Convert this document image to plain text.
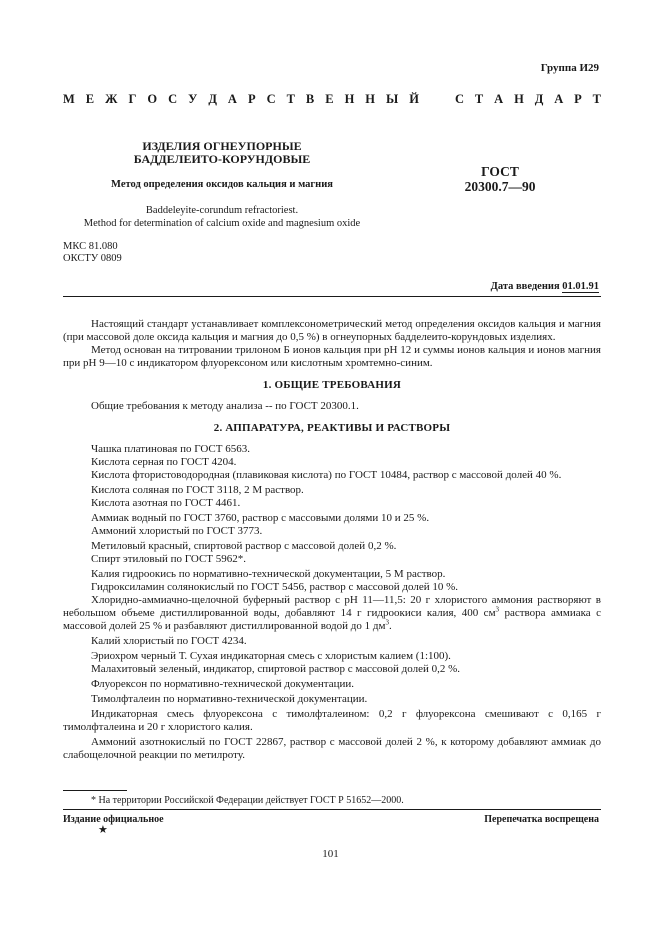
Группа И29
М Е Ж Г О С У Д А Р С Т В Е Н Н Ы Й	С Т А Н Д А Р Т
ИЗДЕЛИЯ ОГНЕУПОРНЫЕ
БАДДЕЛЕИТО-КОРУНДОВЫЕ
Метод определения оксидов кальция и магния
Baddeleyite-corundum refractoriest.
Method for determination of calcium oxide and magnesium oxide
ГОСТ
20300.7—90
МКС 81.080
ОКСТУ 0809
Дата введения 01.01.91

Настоящий стандарт устанавливает комплексонометрический метод определения оксидов кальция и магния (при массовой доле оксида кальция и магния до 0,5 %) в огнеупорных бадделеито-корундовых изделиях.

Метод основан на титровании трилоном Б ионов кальция при рН 12 и суммы ионов кальция и ионов магния при рН 9—10 с индикатором флуорексоном или кислотным хромтемно-синим.

1. ОБЩИЕ ТРЕБОВАНИЯ

Общие требования к методу анализа -- по ГОСТ 20300.1.

2. АППАРАТУРА, РЕАКТИВЫ И РАСТВОРЫ

Чашка платиновая по ГОСТ 6563.

Кислота серная по ГОСТ 4204.

Кислота фтористоводородная (плавиковая кислота) по ГОСТ 10484, раствор с массовой долей 40 %.

Кислота соляная по ГОСТ 3118, 2 М раствор.

Кислота азотная по ГОСТ 4461.

Аммиак водный по ГОСТ 3760, раствор с массовыми долями 10 и 25 %.

Аммоний хлористый по ГОСТ 3773.

Метиловый красный, спиртовой раствор с массовой долей 0,2 %.

Спирт этиловый по ГОСТ 5962*.

Калия гидроокись по нормативно-технической документации, 5 М раствор.

Гидроксиламин солянокислый по ГОСТ 5456, раствор с массовой долей 10 %.

Хлоридно-аммиачно-щелочной буферный раствор с рН 11—11,5: 20 г хлористого аммония растворяют в небольшом объеме дистиллированной воды, добавляют 14 г гидроокиси калия, 400 $см^3$ раствора аммиака с массовой долей 25 % и разбавляют дистиллированной водой до 1 $дм^3$.

Калий хлористый по ГОСТ 4234.

Эриохром черный Т. Сухая индикаторная смесь с хлористым калием (1:100).

Малахитовый зеленый, индикатор, спиртовой раствор с массовой долей 0,2 %.

Флуорексон по нормативно-технической документации.

Тимолфталеин по нормативно-технической документации.

Индикаторная смесь флуорексона с тимолфталеином: 0,2 г флуорексона смешивают с 0,165 г тимолфталеина и 20 г хлористого калия.

Аммоний азотнокислый по ГОСТ 22867, раствор с массовой долей 2 %, к которому добавляют аммиак до слабощелочной реакции по метилроту.

* На территории Российской Федерации действует ГОСТ Р 51652—2000.
Издание официальное
★
Перепечатка воспрещена
101
